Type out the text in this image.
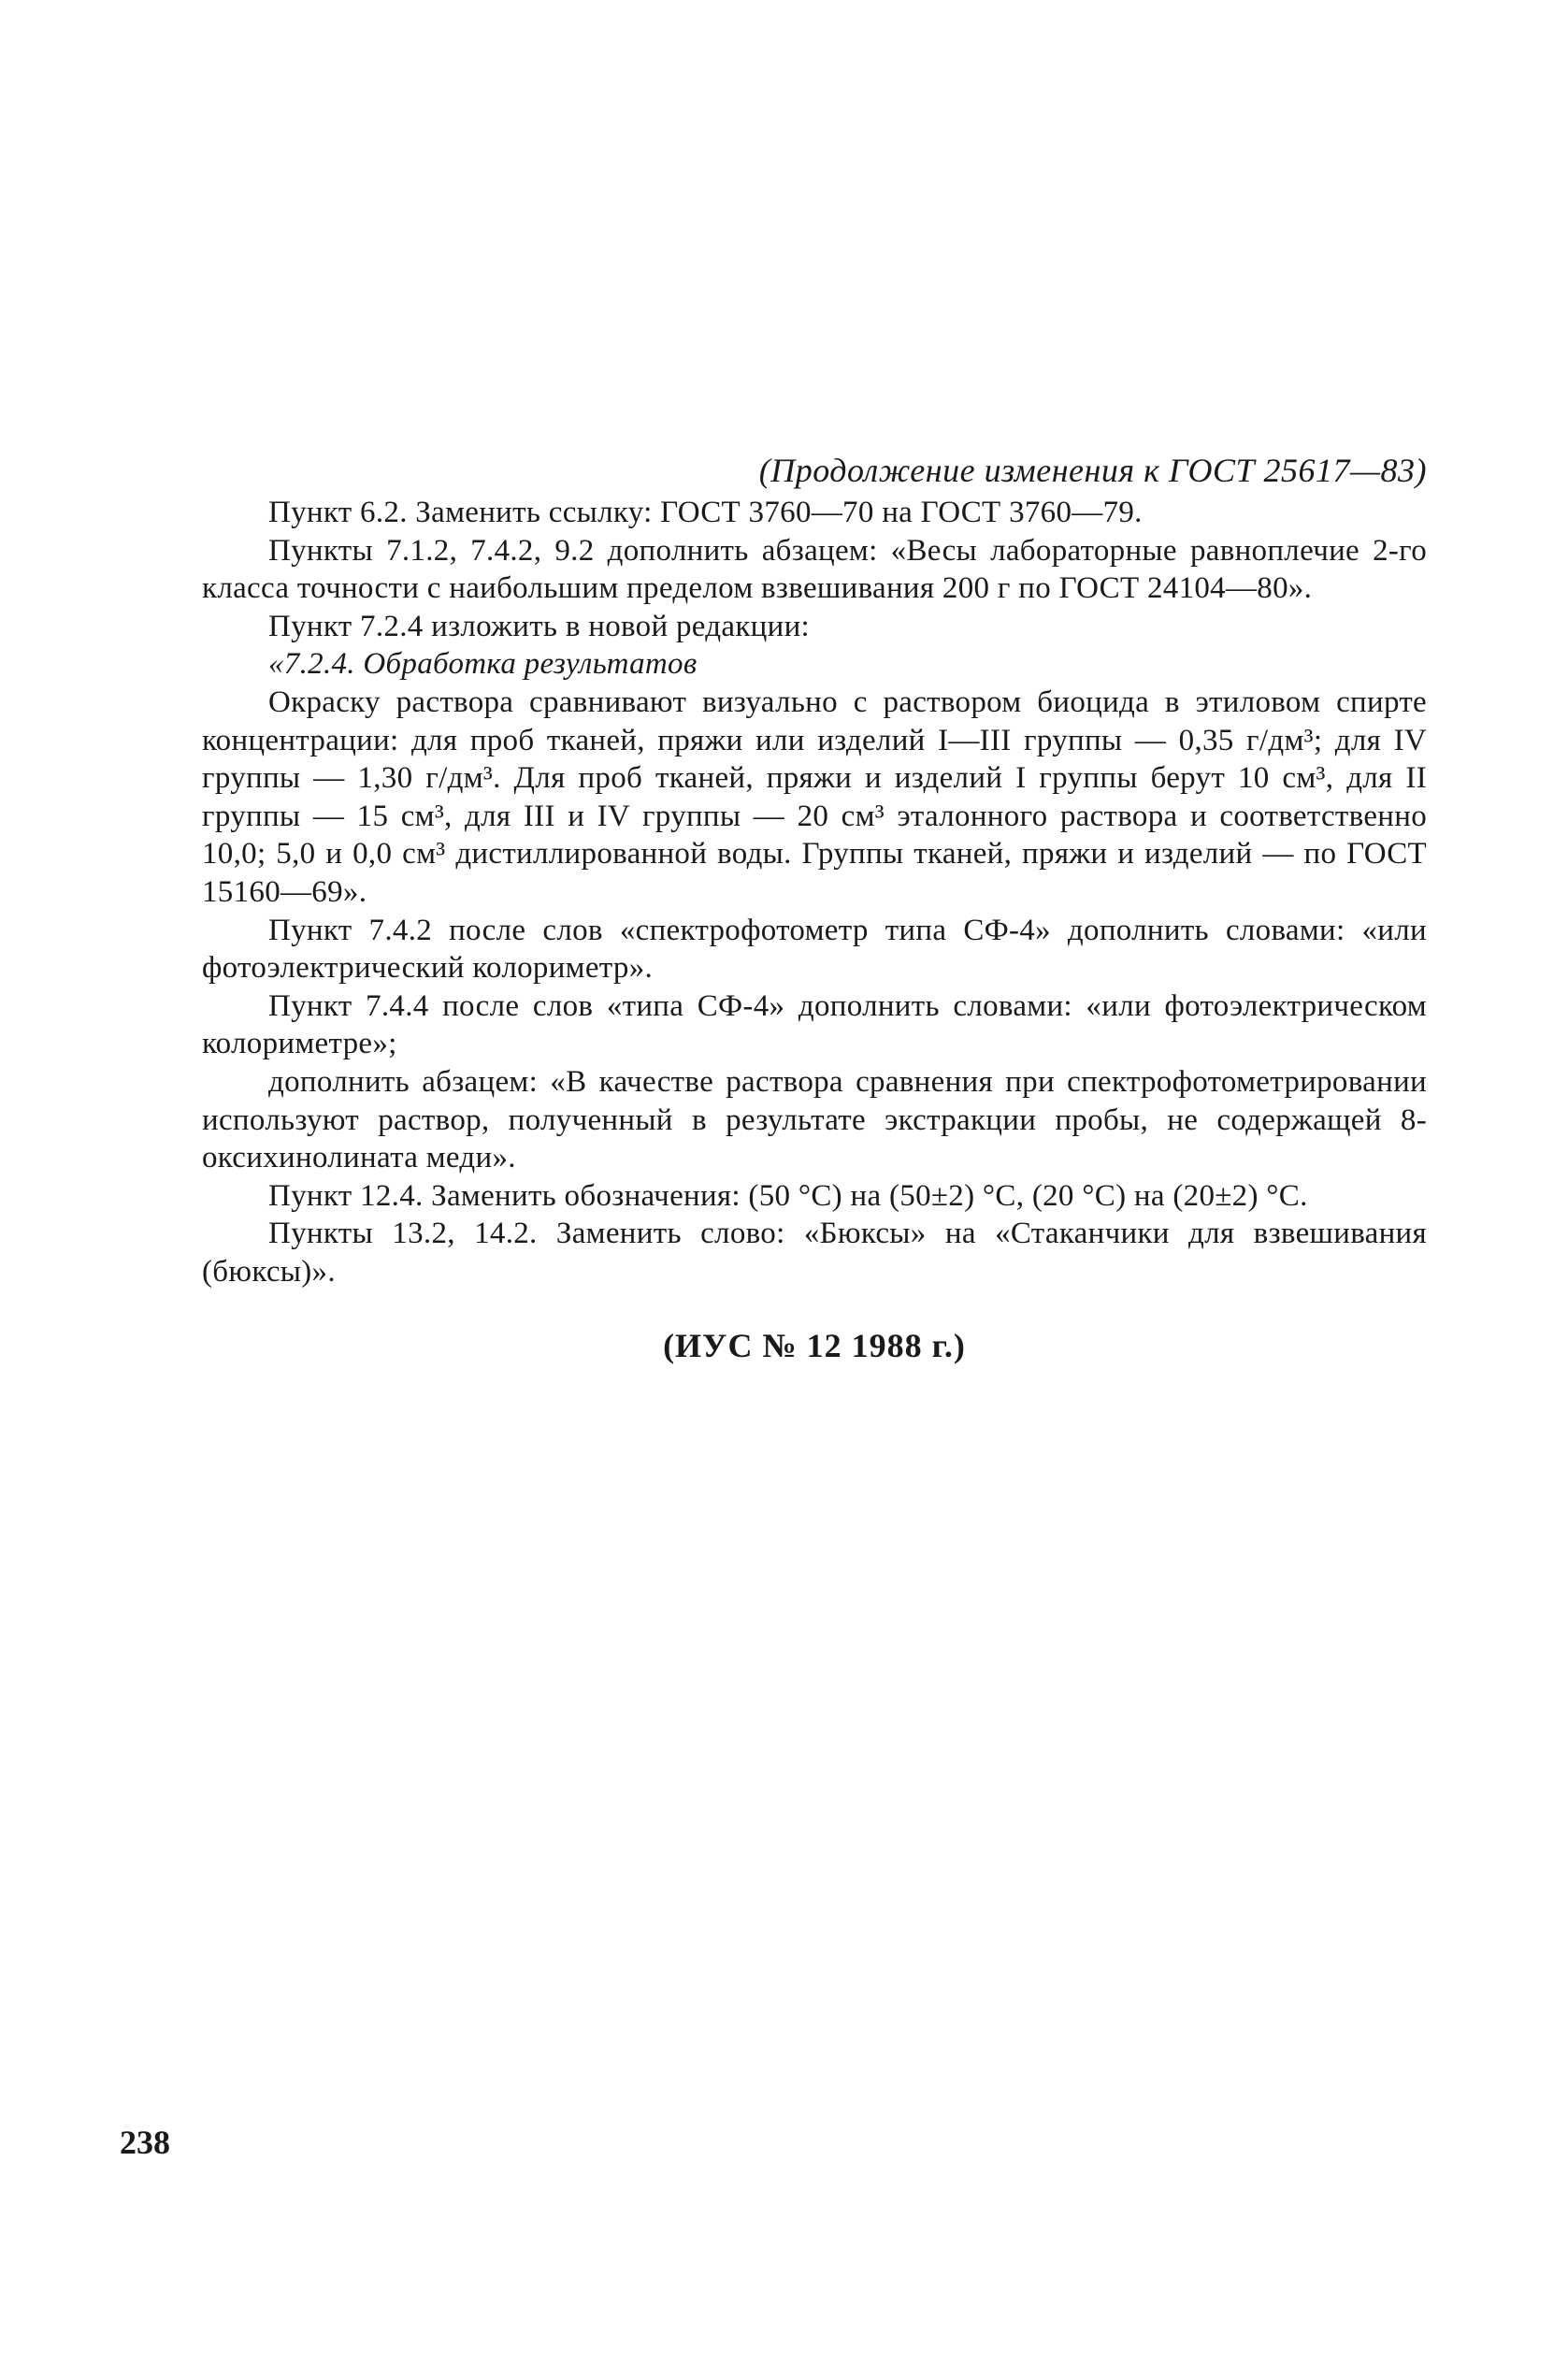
(Продолжение изменения к ГОСТ 25617—83)

Пункт 6.2. Заменить ссылку: ГОСТ 3760—70 на ГОСТ 3760—79.

Пункты 7.1.2, 7.4.2, 9.2 дополнить абзацем: «Весы лабораторные равноплечие 2-го класса точности с наибольшим пределом взвешивания 200 г по ГОСТ 24104—80».

Пункт 7.2.4 изложить в новой редакции:

«7.2.4. Обработка результатов

Окраску раствора сравнивают визуально с раствором биоцида в этиловом спирте концентрации: для проб тканей, пряжи или изделий I—III группы — 0,35 г/дм³; для IV группы — 1,30 г/дм³. Для проб тканей, пряжи и изделий I группы берут 10 см³, для II группы — 15 см³, для III и IV группы — 20 см³ эталонного раствора и соответственно 10,0; 5,0 и 0,0 см³ дистиллированной воды. Группы тканей, пряжи и изделий — по ГОСТ 15160—69».

Пункт 7.4.2 после слов «спектрофотометр типа СФ-4» дополнить словами: «или фотоэлектрический колориметр».

Пункт 7.4.4 после слов «типа СФ-4» дополнить словами: «или фотоэлектрическом колориметре»;

дополнить абзацем: «В качестве раствора сравнения при спектрофотометрировании используют раствор, полученный в результате экстракции пробы, не содержащей 8-оксихинолината меди».

Пункт 12.4. Заменить обозначения: (50 °С) на (50±2) °С, (20 °С) на (20±2) °С.

Пункты 13.2, 14.2. Заменить слово: «Бюксы» на «Стаканчики для взвешивания (бюксы)».

(ИУС № 12 1988 г.)
238
